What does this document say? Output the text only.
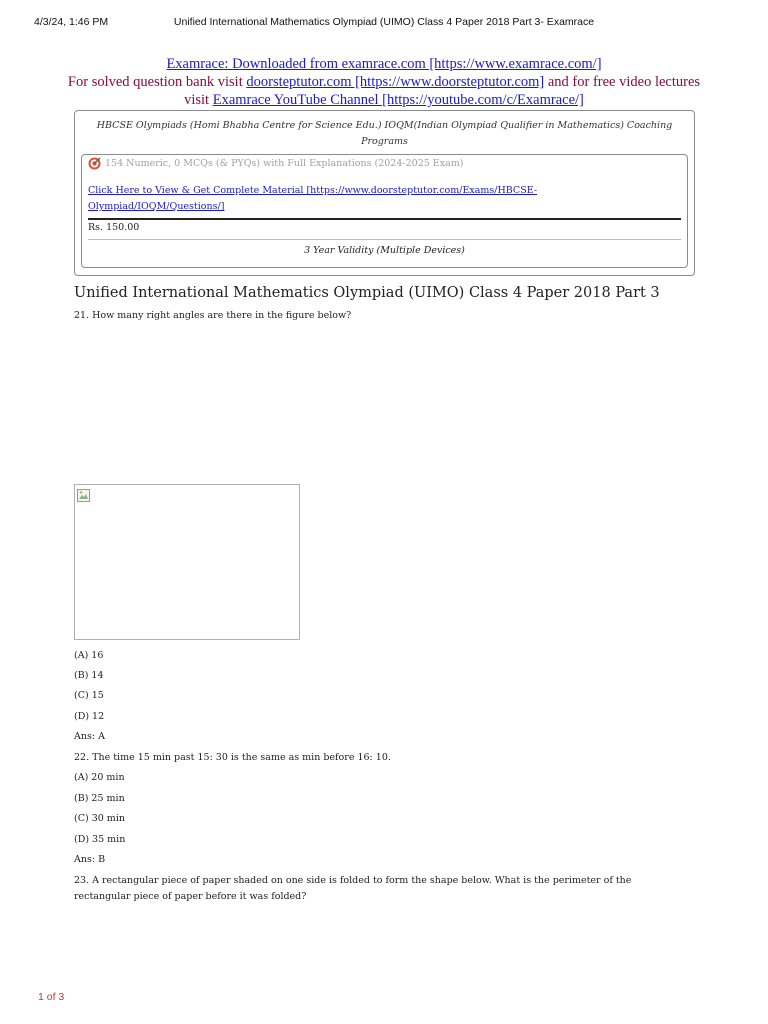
4/3/24, 1:46 PM	Unified International Mathematics Olympiad (UIMO) Class 4 Paper 2018 Part 3- Examrace
Examrace: Downloaded from examrace.com [https://www.examrace.com/]
For solved question bank visit doorsteptutor.com [https://www.doorsteptutor.com] and for free video lectures
visit Examrace YouTube Channel [https://youtube.com/c/Examrace/]
HBCSE Olympiads (Homi Bhabha Centre for Science Edu.) IOQM(Indian Olympiad Qualifier in Mathematics) Coaching Programs
154 Numeric, 0 MCQs (& PYQs) with Full Explanations (2024-2025 Exam)
Click Here to View & Get Complete Material [https://www.doorsteptutor.com/Exams/HBCSE-Olympiad/IOQM/Questions/]
Rs. 150.00
3 Year Validity (Multiple Devices)
Unified International Mathematics Olympiad (UIMO) Class 4 Paper 2018 Part 3
21. How many right angles are there in the figure below?
(A) 16
(B) 14
(C) 15
(D) 12
Ans: A
22. The time 15 min past 15: 30 is the same as min before 16: 10.
(A) 20 min
(B) 25 min
(C) 30 min
(D) 35 min
Ans: B
23. A rectangular piece of paper shaded on one side is folded to form the shape below. What is the perimeter of the
rectangular piece of paper before it was folded?
1 of 3
